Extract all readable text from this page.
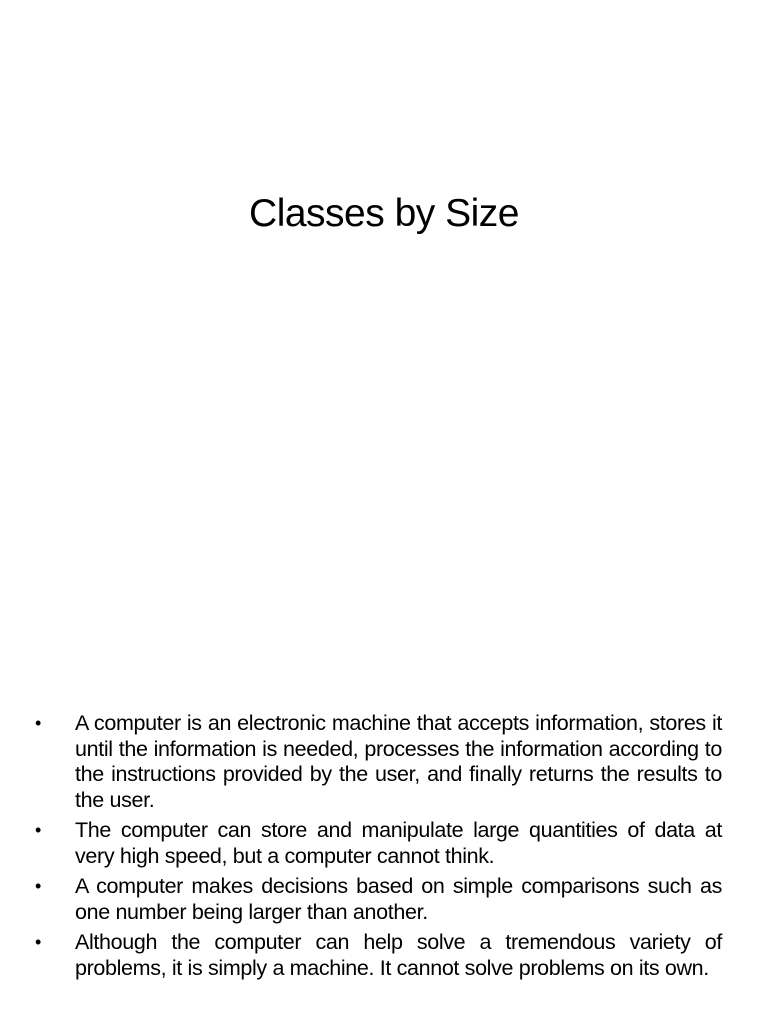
Classes by Size
• A computer is an electronic machine that accepts information, stores it until the information is needed, processes the information according to the instructions provided by the user, and finally returns the results to the user.
• The computer can store and manipulate large quantities of data at very high speed, but a computer cannot think.
• A computer makes decisions based on simple comparisons such as one number being larger than another.
• Although the computer can help solve a tremendous variety of problems, it is simply a machine. It cannot solve problems on its own.
